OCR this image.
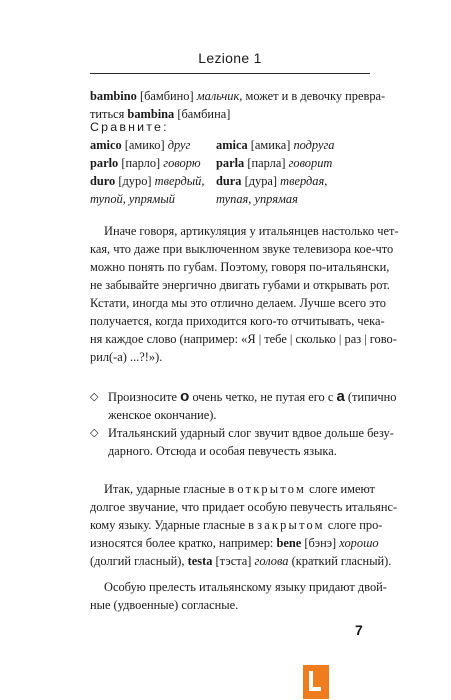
Lezione 1
bambino [бамбино] мальчик, может и в девочку превра-
титься bambina [бамбина]
Сравните:
amico [амико] друг
parlo [парло] говорю
duro [дуро] твердый,
тупой, упрямый
amica [амика] подруга
parla [парла] говорит
dura [дура] твердая,
тупая, упрямая
Иначе говоря, артикуляция у итальянцев настолько чет-
кая, что даже при выключенном звуке телевизора кое-что
можно понять по губам. Поэтому, говоря по-итальянски,
не забывайте энергично двигать губами и открывать рот.
Кстати, иногда мы это отлично делаем. Лучше всего это
получается, когда приходится кого-то отчитывать, чека-
ня каждое слово (например: «Я | тебе | сколько | раз | гово-
рил(-а) ...?!»).
◇ Произносите o очень четко, не путая его с a (типично
женское окончание).
◇ Итальянский ударный слог звучит вдвое дольше безу-
дарного. Отсюда и особая певучесть языка.
Итак, ударные гласные в открытом слоге имеют
долгое звучание, что придает особую певучесть итальянс-
кому языку. Ударные гласные в закрытом слоге про-
износятся более кратко, например: bene [бэнэ] хорошо
(долгий гласный), testa [тэста] голова (краткий гласный).
Особую прелесть итальянскому языку придают двой-
ные (удвоенные) согласные.
7
